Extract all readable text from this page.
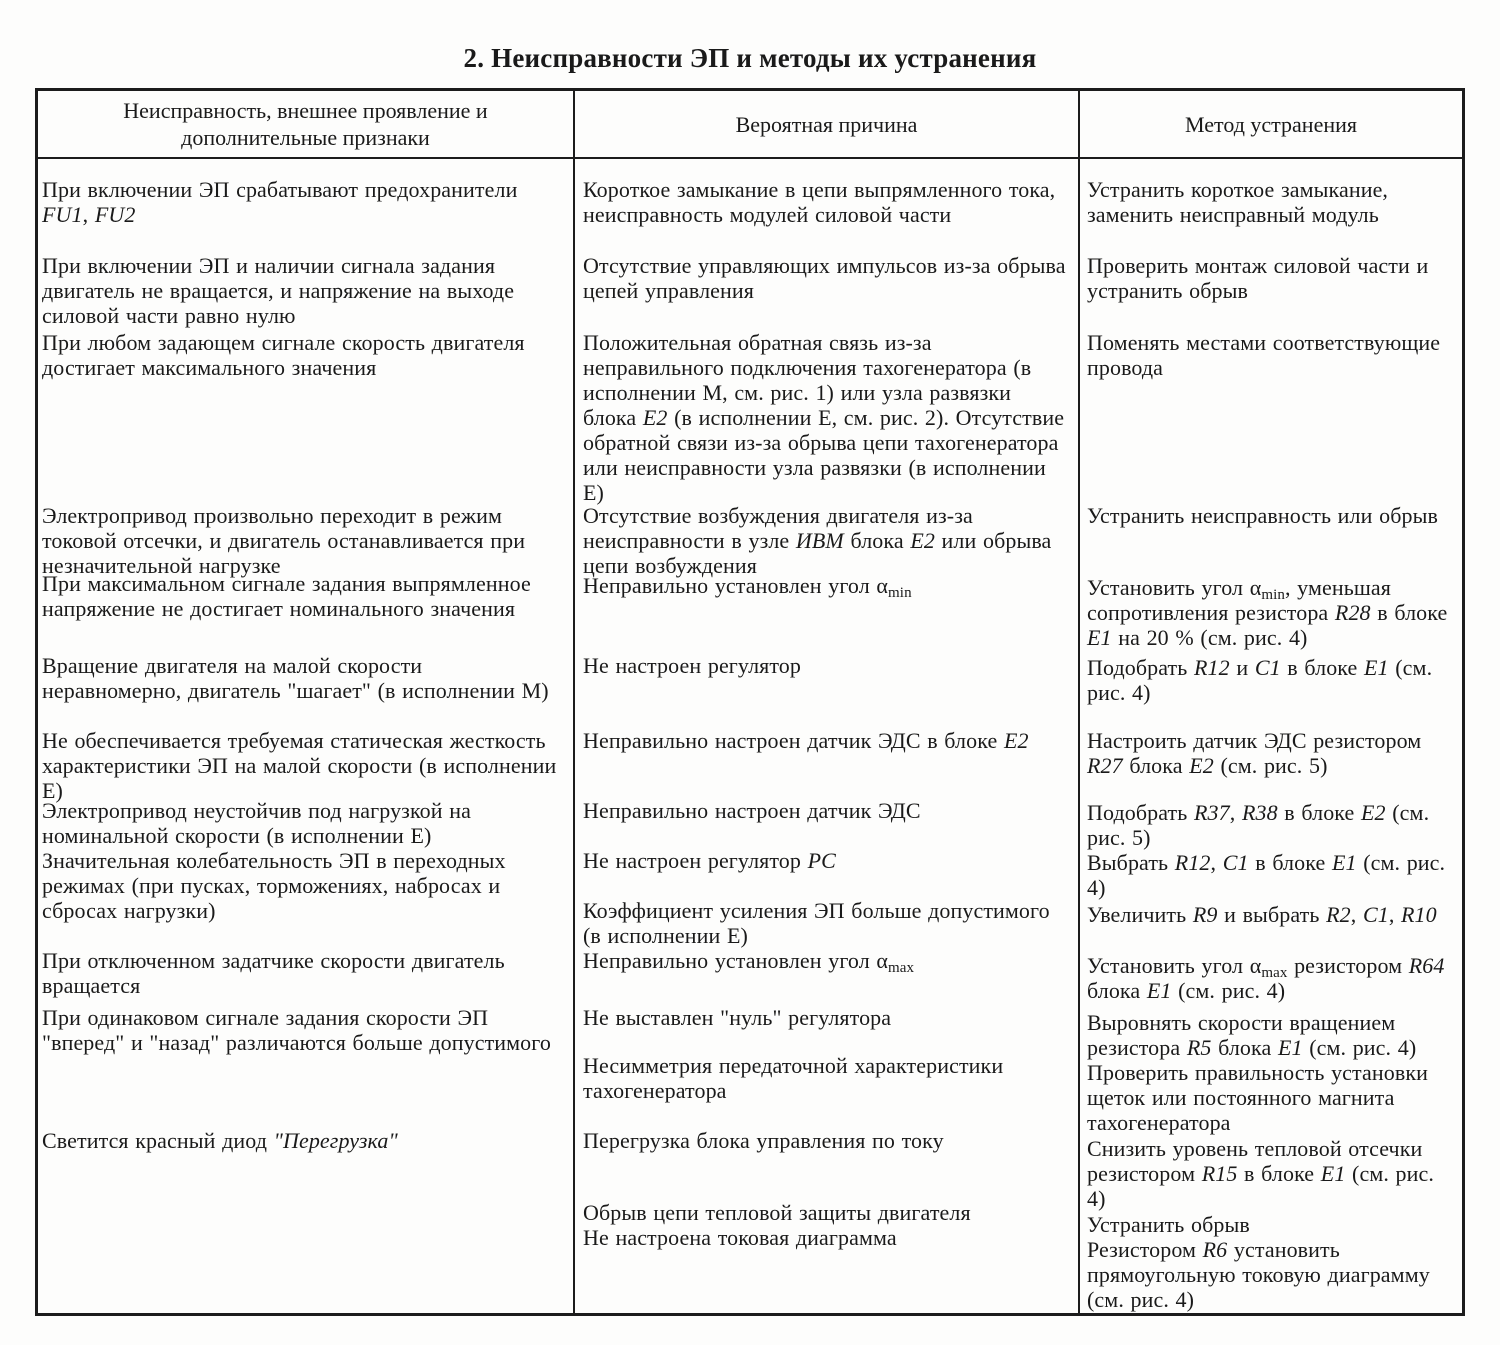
2. Неисправности ЭП и методы их устранения
Неисправность, внешнее проявление и дополнительные признаки
Вероятная причина	Метод устранения
При включении ЭП срабатывают предохранители FU1, FU2
При включении ЭП и наличии сигнала задания двигатель не вращается, и напряжение на выходе силовой части равно нулю
При любом задающем сигнале скорость двигателя достигает максимального значения
Электропривод произвольно переходит в режим токовой отсечки, и двигатель останавливается при незначительной нагрузке
При максимальном сигнале задания выпрямленное напряжение не достигает номинального значения
Вращение двигателя на малой скорости неравномерно, двигатель "шагает" (в исполнении М)
Не обеспечивается требуемая статическая жесткость характеристики ЭП на малой скорости (в исполнении Е)
Электропривод неустойчив под нагрузкой на номинальной скорости (в исполнении Е)
Значительная колебательность ЭП в переходных режимах (при пусках, торможениях, набросах и сбросах нагрузки)
При отключенном задатчике скорости двигатель вращается
При одинаковом сигнале задания скорости ЭП "вперед" и "назад" различаются больше допустимого
Светится красный диод "Перегрузка"
Короткое замыкание в цепи выпрямленного тока, неисправность модулей силовой части
Отсутствие управляющих импульсов из-за обрыва цепей управления
Положительная обратная связь из-за неправильного подключения тахогенератора (в исполнении М, см. рис. 1) или узла развязки блока Е2 (в исполнении Е, см. рис. 2). Отсутствие обратной связи из-за обрыва цепи тахогенератора или неисправности узла развязки (в исполнении Е)
Отсутствие возбуждения двигателя из-за неисправности в узле ИВМ блока Е2 или обрыва цепи возбуждения
Неправильно установлен угол $\alpha_{min}$
Не настроен регулятор
Неправильно настроен датчик ЭДС в блоке Е2
Неправильно настроен датчик ЭДС
Не настроен регулятор РС
Коэффициент усиления ЭП больше допустимого (в исполнении Е)
Неправильно установлен угол $\alpha_{max}$
Не выставлен "нуль" регулятора
Несимметрия передаточной характеристики тахогенератора
Перегрузка блока управления по току
Обрыв цепи тепловой защиты двигателя
Не настроена токовая диаграмма
Устранить короткое замыкание, заменить неисправный модуль
Проверить монтаж силовой части и устранить обрыв
Поменять местами соответствующие провода
Устранить неисправность или обрыв
Установить угол $\alpha_{min}$, уменьшая сопротивления резистора R28 в блоке Е1 на 20 % (см. рис. 4)
Подобрать R12 и С1 в блоке Е1 (см. рис. 4)
Настроить датчик ЭДС резистором R27 блока Е2 (см. рис. 5)
Подобрать R37, R38 в блоке Е2 (см. рис. 5)
Выбрать R12, С1 в блоке Е1 (см. рис. 4)
Увеличить R9 и выбрать R2, С1, R10
Установить угол $\alpha_{max}$ резистором R64 блока Е1 (см. рис. 4)
Выровнять скорости вращением резистора R5 блока Е1 (см. рис. 4)
Проверить правильность установки щеток или постоянного магнита тахогенератора
Снизить уровень тепловой отсечки резистором R15 в блоке Е1 (см. рис. 4)
Устранить обрыв
Резистором R6 установить прямоугольную токовую диаграмму (см. рис. 4)
